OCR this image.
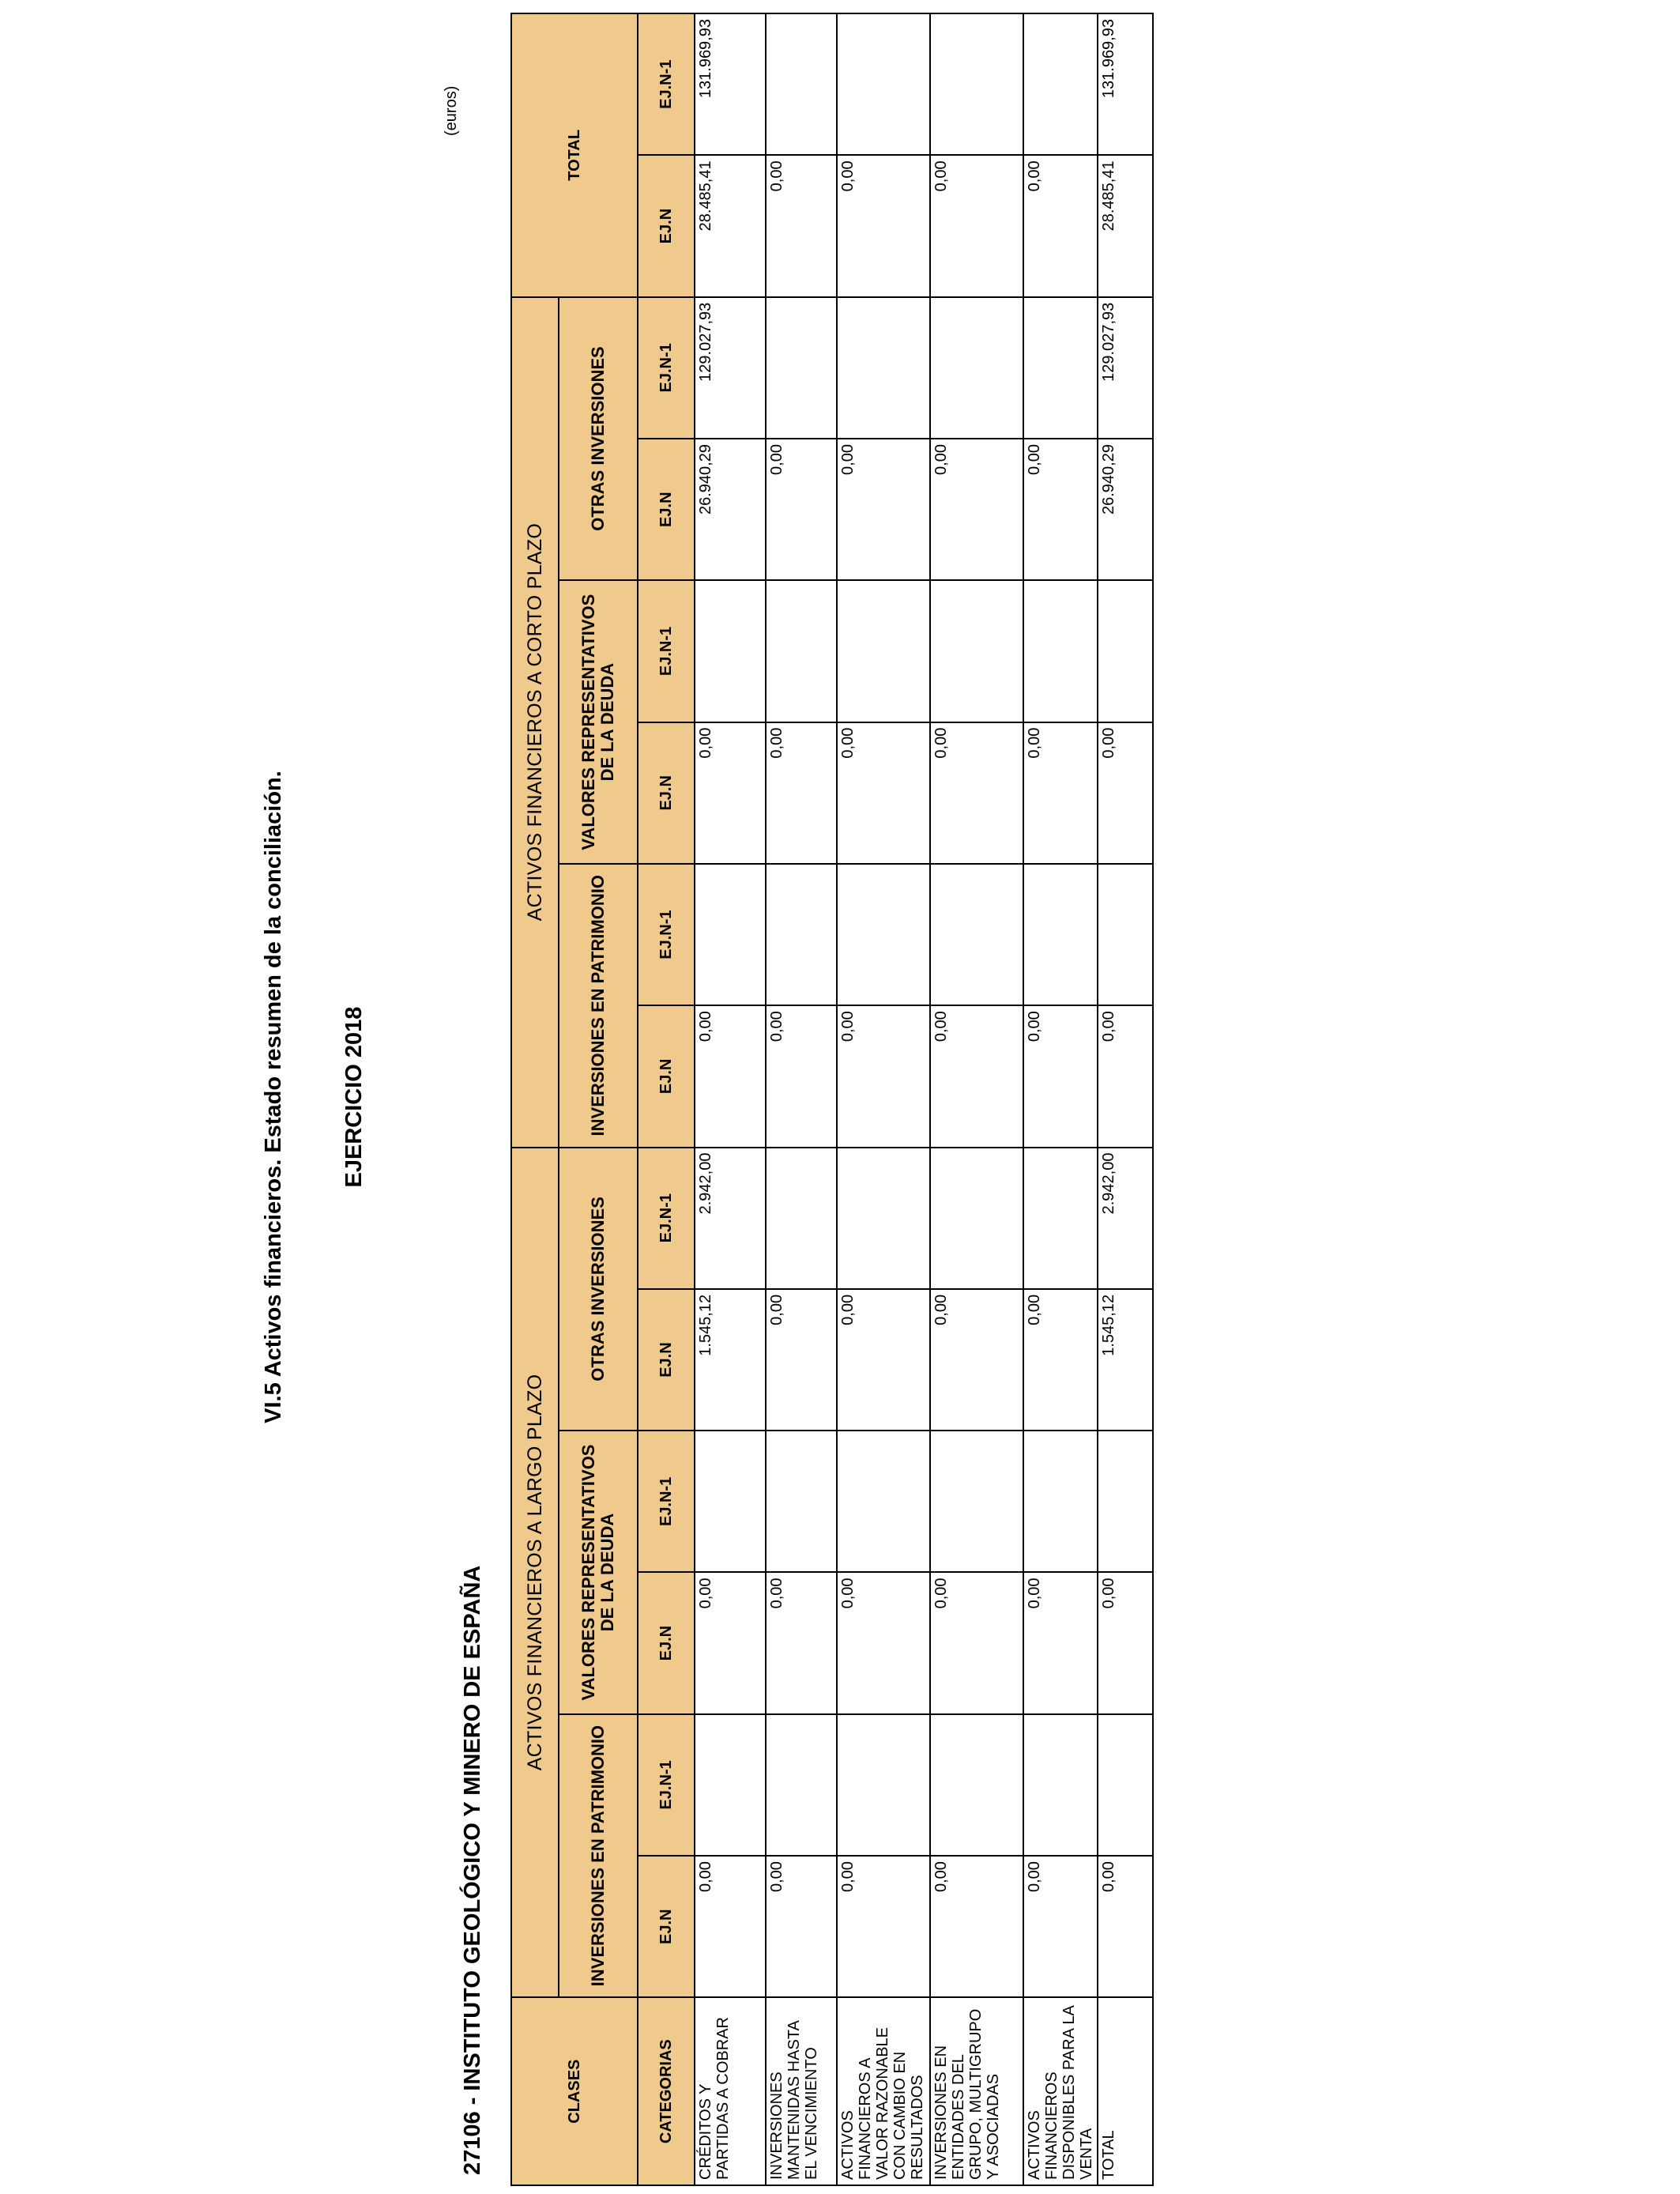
VI.5 Activos financieros. Estado resumen de la conciliación. EJERCICIO 2018
27106 - INSTITUTO GEOLÓGICO Y MINERO DE ESPAÑA
(euros)
CLASES	ACTIVOS FINANCIEROS A LARGO PLAZO						ACTIVOS FINANCIEROS A CORTO PLAZO						TOTAL	
	INVERSIONES EN PATRIMONIO		VALORES REPRESENTATIVOS DE LA DEUDA		OTRAS INVERSIONES		INVERSIONES EN PATRIMONIO		VALORES REPRESENTATIVOS DE LA DEUDA		OTRAS INVERSIONES			
CATEGORIAS	EJ.N	EJ.N-1	EJ.N	EJ.N-1	EJ.N	EJ.N-1	EJ.N	EJ.N-1	EJ.N	EJ.N-1	EJ.N	EJ.N-1	EJ.N	EJ.N-1
CRÉDITOS Y PARTIDAS A COBRAR	0,00		0,00		1.545,12	2.942,00	0,00		0,00		26.940,29	129.027,93	28.485,41	131.969,93
INVERSIONES MANTENIDAS HASTA EL VENCIMIENTO	0,00		0,00		0,00		0,00		0,00		0,00		0,00	
ACTIVOS FINANCIEROS A VALOR RAZONABLE CON CAMBIO EN RESULTADOS	0,00		0,00		0,00		0,00		0,00		0,00		0,00	
INVERSIONES EN ENTIDADES DEL GRUPO, MULTIGRUPO Y ASOCIADAS	0,00		0,00		0,00		0,00		0,00		0,00		0,00	
ACTIVOS FINANCIEROS DISPONIBLES PARA LA VENTA	0,00		0,00		0,00		0,00		0,00		0,00		0,00	
TOTAL	0,00		0,00		1.545,12	2.942,00	0,00		0,00		26.940,29	129.027,93	28.485,41	131.969,93
